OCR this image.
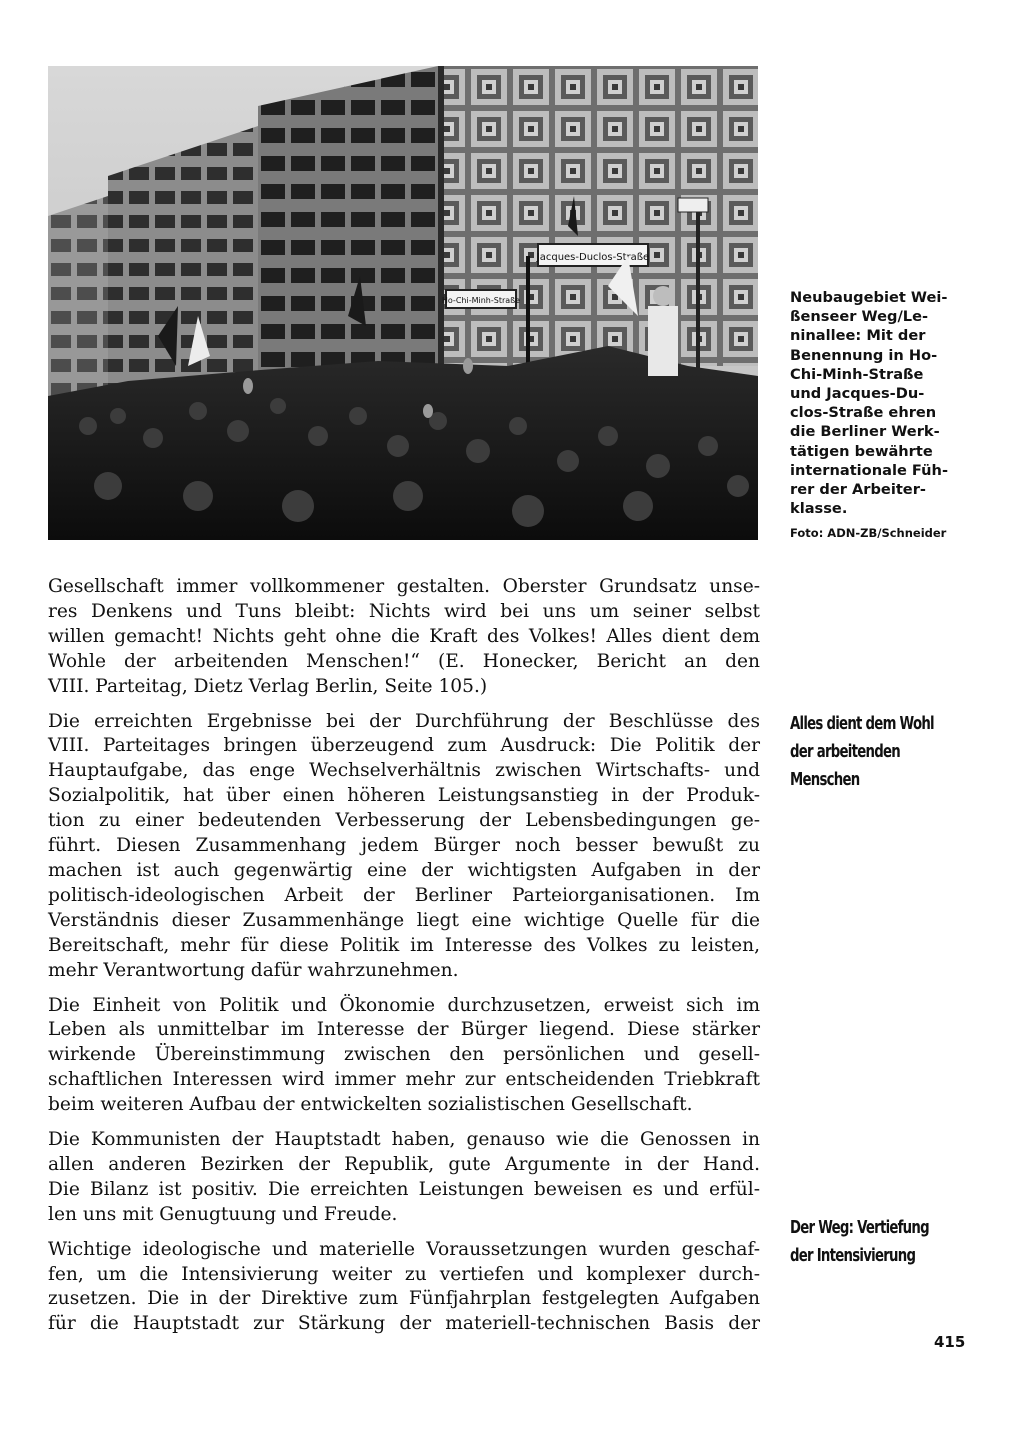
Jacques-Duclos-Straße
Ho-Chi-Minh-Straße	Neubaugebiet Wei-
ßenseer Weg/Le-
ninallee: Mit der
Benennung in Ho-
Chi-Minh-Straße
und Jacques-Du-
clos-Straße ehren
die Berliner Werk-
tätigen bewährte
internationale Füh-
rer der Arbeiter-
klasse.
Foto: ADN-ZB/Schneider
Gesellschaft immer vollkommener gestalten. Oberster Grundsatz unse-
res Denkens und Tuns bleibt: Nichts wird bei uns um seiner selbst
willen gemacht! Nichts geht ohne die Kraft des Volkes! Alles dient dem
Wohle der arbeitenden Menschen!“ (E. Honecker, Bericht an den
VIII. Parteitag, Dietz Verlag Berlin, Seite 105.)
Die erreichten Ergebnisse bei der Durchführung der Beschlüsse des
VIII. Parteitages bringen überzeugend zum Ausdruck: Die Politik der
Hauptaufgabe, das enge Wechselverhältnis zwischen Wirtschafts- und
Sozialpolitik, hat über einen höheren Leistungsanstieg in der Produk-
tion zu einer bedeutenden Verbesserung der Lebensbedingungen ge-
führt. Diesen Zusammenhang jedem Bürger noch besser bewußt zu
machen ist auch gegenwärtig eine der wichtigsten Aufgaben in der
politisch-ideologischen Arbeit der Berliner Parteiorganisationen. Im
Verständnis dieser Zusammenhänge liegt eine wichtige Quelle für die
Bereitschaft, mehr für diese Politik im Interesse des Volkes zu leisten,
mehr Verantwortung dafür wahrzunehmen.
Die Einheit von Politik und Ökonomie durchzusetzen, erweist sich im
Leben als unmittelbar im Interesse der Bürger liegend. Diese stärker
wirkende Übereinstimmung zwischen den persönlichen und gesell-
schaftlichen Interessen wird immer mehr zur entscheidenden Triebkraft
beim weiteren Aufbau der entwickelten sozialistischen Gesellschaft.
Die Kommunisten der Hauptstadt haben, genauso wie die Genossen in
allen anderen Bezirken der Republik, gute Argumente in der Hand.
Die Bilanz ist positiv. Die erreichten Leistungen beweisen es und erfül-
len uns mit Genugtuung und Freude.
Wichtige ideologische und materielle Voraussetzungen wurden geschaf-
fen, um die Intensivierung weiter zu vertiefen und komplexer durch-
zusetzen. Die in der Direktive zum Fünfjahrplan festgelegten Aufgaben
für die Hauptstadt zur Stärkung der materiell-technischen Basis der
Alles dient dem Wohl
der arbeitenden
Menschen
Der Weg: Vertiefung
der Intensivierung
415
